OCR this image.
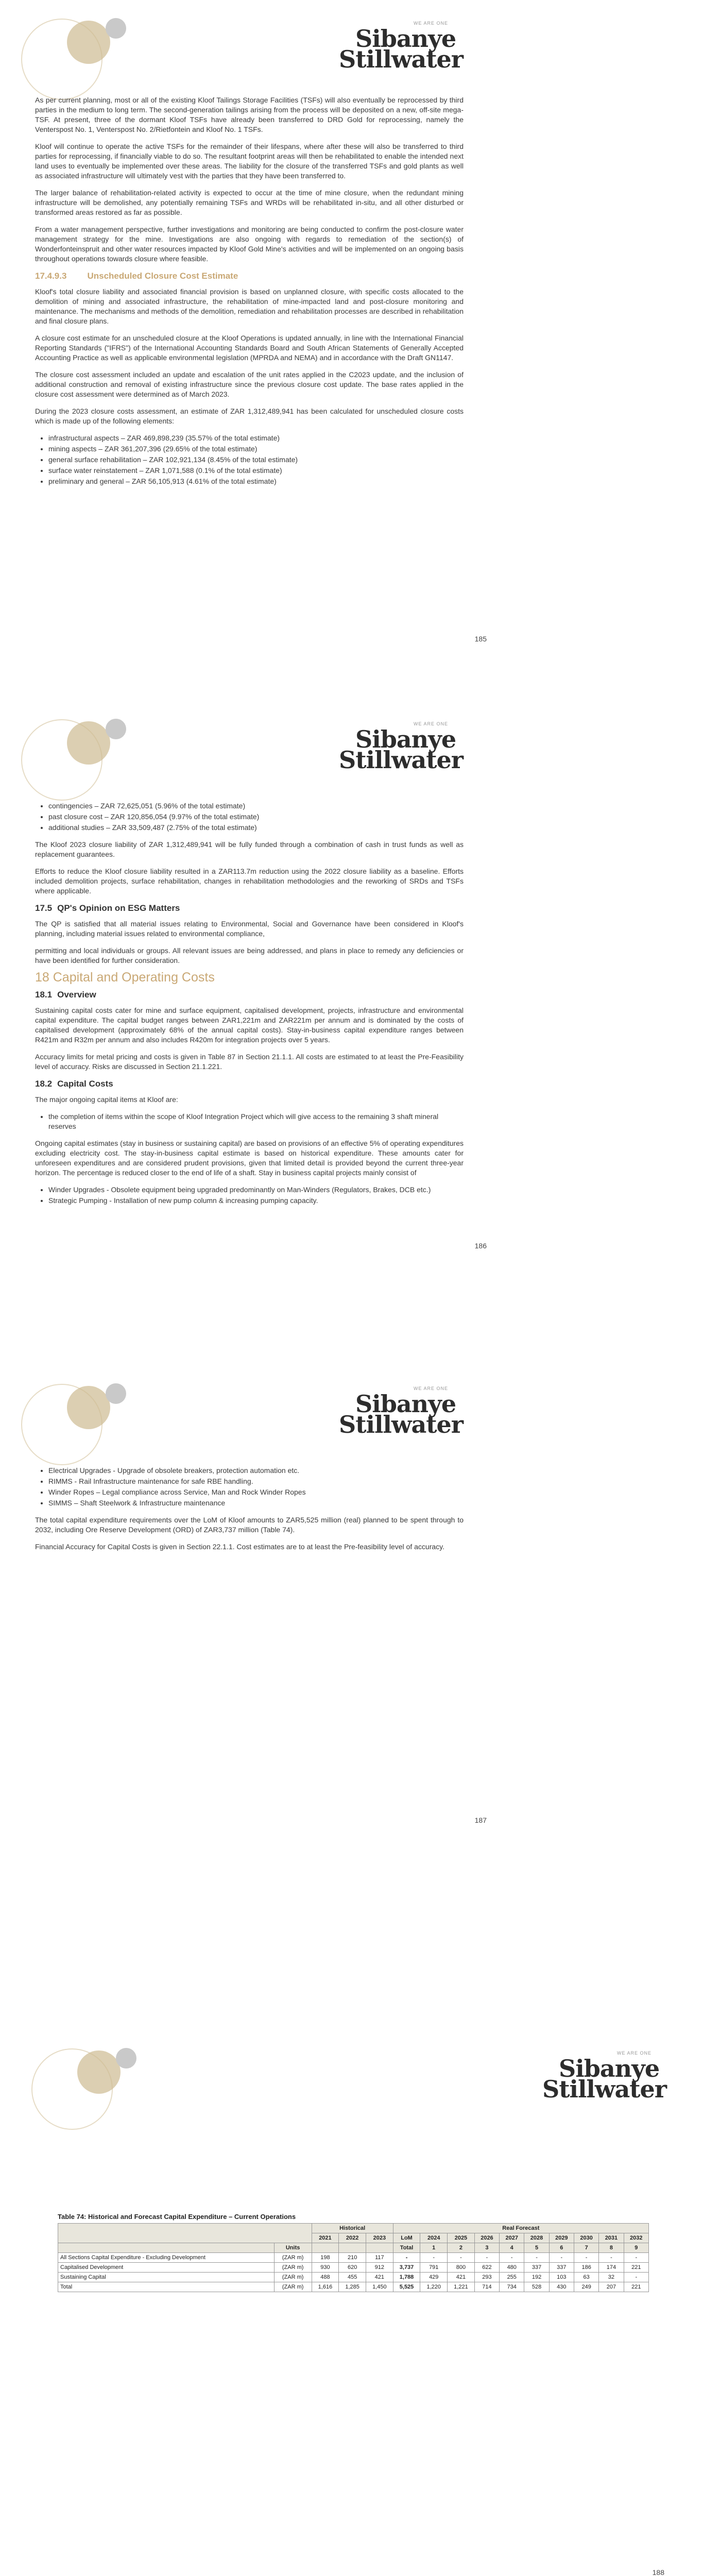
WE ARE ONE
Sibanye
Stillwater

As per current planning, most or all of the existing Kloof Tailings Storage Facilities (TSFs) will also eventually be reprocessed by third parties in the medium to long term. The second-generation tailings arising from the process will be deposited on a new, off-site mega-TSF. At present, three of the dormant Kloof TSFs have already been transferred to DRD Gold for reprocessing, namely the Venterspost No. 1, Venterspost No. 2/Rietfontein and Kloof No. 1 TSFs.

Kloof will continue to operate the active TSFs for the remainder of their lifespans, where after these will also be transferred to third parties for reprocessing, if financially viable to do so. The resultant footprint areas will then be rehabilitated to enable the intended next land uses to eventually be implemented over these areas. The liability for the closure of the transferred TSFs and gold plants as well as associated infrastructure will ultimately vest with the parties that they have been transferred to.

The larger balance of rehabilitation-related activity is expected to occur at the time of mine closure, when the redundant mining infrastructure will be demolished, any potentially remaining TSFs and WRDs will be rehabilitated in-situ, and all other disturbed or transformed areas restored as far as possible.

From a water management perspective, further investigations and monitoring are being conducted to confirm the post-closure water management strategy for the mine. Investigations are also ongoing with regards to remediation of the section(s) of Wonderfonteinspruit and other water resources impacted by Kloof Gold Mine's activities and will be implemented on an ongoing basis throughout operations towards closure where feasible.

17.4.9.3 Unscheduled Closure Cost Estimate

Kloof's total closure liability and associated financial provision is based on unplanned closure, with specific costs allocated to the demolition of mining and associated infrastructure, the rehabilitation of mine-impacted land and post-closure monitoring and maintenance. The mechanisms and methods of the demolition, remediation and rehabilitation processes are described in rehabilitation and final closure plans.

A closure cost estimate for an unscheduled closure at the Kloof Operations is updated annually, in line with the International Financial Reporting Standards ("IFRS") of the International Accounting Standards Board and South African Statements of Generally Accepted Accounting Practice as well as applicable environmental legislation (MPRDA and NEMA) and in accordance with the Draft GN1147.

The closure cost assessment included an update and escalation of the unit rates applied in the C2023 update, and the inclusion of additional construction and removal of existing infrastructure since the previous closure cost update. The base rates applied in the closure cost assessment were determined as of March 2023.

During the 2023 closure costs assessment, an estimate of ZAR 1,312,489,941 has been calculated for unscheduled closure costs which is made up of the following elements:

• infrastructural aspects – ZAR 469,898,239 (35.57% of the total estimate)
• mining aspects – ZAR 361,207,396 (29.65% of the total estimate)
• general surface rehabilitation – ZAR 102,921,134 (8.45% of the total estimate)
• surface water reinstatement – ZAR 1,071,588 (0.1% of the total estimate)
• preliminary and general – ZAR 56,105,913 (4.61% of the total estimate)
185
WE ARE ONE
Sibanye
Stillwater
• contingencies – ZAR 72,625,051 (5.96% of the total estimate)
• past closure cost – ZAR 120,856,054 (9.97% of the total estimate)
• additional studies – ZAR 33,509,487 (2.75% of the total estimate)

The Kloof 2023 closure liability of ZAR 1,312,489,941 will be fully funded through a combination of cash in trust funds as well as replacement guarantees.

Efforts to reduce the Kloof closure liability resulted in a ZAR113.7m reduction using the 2022 closure liability as a baseline. Efforts included demolition projects, surface rehabilitation, changes in rehabilitation methodologies and the reworking of SRDs and TSFs where applicable.

17.5 QP's Opinion on ESG Matters

The QP is satisfied that all material issues relating to Environmental, Social and Governance have been considered in Kloof's planning, including material issues related to environmental compliance,

permitting and local individuals or groups. All relevant issues are being addressed, and plans in place to remedy any deficiencies or have been identified for further consideration.

18 Capital and Operating Costs
18.1 Overview

Sustaining capital costs cater for mine and surface equipment, capitalised development, projects, infrastructure and environmental capital expenditure. The capital budget ranges between ZAR1,221m and ZAR221m per annum and is dominated by the costs of capitalised development (approximately 68% of the annual capital costs). Stay-in-business capital expenditure ranges between R421m and R32m per annum and also includes R420m for integration projects over 5 years.

Accuracy limits for metal pricing and costs is given in Table 87 in Section 21.1.1. All costs are estimated to at least the Pre-Feasibility level of accuracy. Risks are discussed in Section 21.1.221.

18.2 Capital Costs

The major ongoing capital items at Kloof are:

• the completion of items within the scope of Kloof Integration Project which will give access to the remaining 3 shaft mineral reserves

Ongoing capital estimates (stay in business or sustaining capital) are based on provisions of an effective 5% of operating expenditures excluding electricity cost. The stay-in-business capital estimate is based on historical expenditure. These amounts cater for unforeseen expenditures and are considered prudent provisions, given that limited detail is provided beyond the current three-year horizon. The percentage is reduced closer to the end of life of a shaft. Stay in business capital projects mainly consist of

• Winder Upgrades - Obsolete equipment being upgraded predominantly on Man-Winders (Regulators, Brakes, DCB etc.)
• Strategic Pumping - Installation of new pump column & increasing pumping capacity.
186
WE ARE ONE
Sibanye
Stillwater
• Electrical Upgrades - Upgrade of obsolete breakers, protection automation etc.
• RIMMS - Rail Infrastructure maintenance for safe RBE handling.
• Winder Ropes – Legal compliance across Service, Man and Rock Winder Ropes
• SIMMS – Shaft Steelwork & Infrastructure maintenance

The total capital expenditure requirements over the LoM of Kloof amounts to ZAR5,525 million (real) planned to be spent through to 2032, including Ore Reserve Development (ORD) of ZAR3,737 million (Table 74).

Financial Accuracy for Capital Costs is given in Section 22.1.1. Cost estimates are to at least the Pre-feasibility level of accuracy.

187
WE ARE ONE
Sibanye
Stillwater
Table 74: Historical and Forecast Capital Expenditure – Current Operations
		Historical			Real Forecast									
		2021	2022	2023	LoM	2024	2025	2026	2027	2028	2029	2030	2031	2032
	Units				Total	1	2	3	4	5	6	7	8	9
All Sections Capital Expenditure - Excluding Development	(ZAR m)	198	210	117	-	-	-	-	-	-	-	-	-	-
Capitalised Development	(ZAR m)	930	620	912	3,737	791	800	622	480	337	337	186	174	221
Sustaining Capital	(ZAR m)	488	455	421	1,788	429	421	293	255	192	103	63	32	-
Total	(ZAR m)	1,616	1,285	1,450	5,525	1,220	1,221	714	734	528	430	249	207	221
188
